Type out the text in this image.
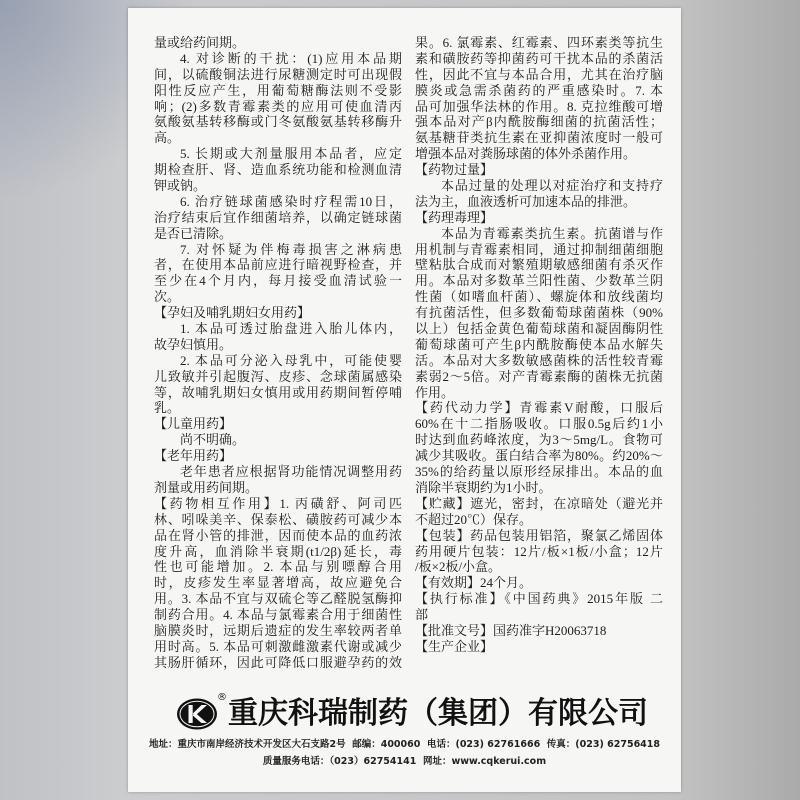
量或给药间期。
4. 对诊断的干扰：(1)应用本品期
间，以硫酸铜法进行尿糖测定时可出现假
阳性反应产生，用葡萄糖酶法则不受影
响；(2)多数青霉素类的应用可使血清丙
氨酸氨基转移酶或门冬氨酸氨基转移酶升
高。
5. 长期或大剂量服用本品者，应定
期检查肝、肾、造血系统功能和检测血清
钾或钠。
6. 治疗链球菌感染时疗程需10日，
治疗结束后宜作细菌培养，以确定链球菌
是否已清除。
7. 对怀疑为伴梅毒损害之淋病患
者，在使用本品前应进行暗视野检查，并
至少在4个月内，每月接受血清试验一
次。
【孕妇及哺乳期妇女用药】
1. 本品可透过胎盘进入胎儿体内，
故孕妇慎用。
2. 本品可分泌入母乳中，可能使婴
儿致敏并引起腹泻、皮疹、念球菌属感染
等，故哺乳期妇女慎用或用药期间暂停哺
乳。
【儿童用药】
尚不明确。
【老年用药】
老年患者应根据肾功能情况调整用药
剂量或用药间期。
【药物相互作用】1. 丙磺舒、阿司匹
林、吲哚美辛、保泰松、磺胺药可减少本
品在肾小管的排泄，因而使本品的血药浓
度升高，血消除半衰期(t1/2β)延长，毒
性也可能增加。2. 本品与别嘌醇合用
时，皮疹发生率显著增高，故应避免合
用。3. 本品不宜与双硫仑等乙醛脱氢酶抑
制药合用。4. 本品与氯霉素合用于细菌性
脑膜炎时，远期后遗症的发生率较两者单
用时高。5. 本品可刺激雌激素代谢或减少
其肠肝循环，因此可降低口服避孕药的效
果。6. 氯霉素、红霉素、四环素类等抗生
素和磺胺药等抑菌药可干扰本品的杀菌活
性，因此不宜与本品合用，尤其在治疗脑
膜炎或急需杀菌药的严重感染时。7. 本
品可加强华法林的作用。8. 克拉维酸可增
强本品对产β内酰胺酶细菌的抗菌活性；
氨基糖苷类抗生素在亚抑菌浓度时一般可
增强本品对粪肠球菌的体外杀菌作用。
【药物过量】
本品过量的处理以对症治疗和支持疗
法为主，血液透析可加速本品的排泄。
【药理毒理】
本品为青霉素类抗生素。抗菌谱与作
用机制与青霉素相同，通过抑制细菌细胞
壁粘肽合成而对繁殖期敏感细菌有杀灭作
用。本品对多数革兰阳性菌、少数革兰阴
性菌（如嗜血杆菌）、螺旋体和放线菌均
有抗菌活性，但多数葡萄球菌菌株（90%
以上）包括金黄色葡萄球菌和凝固酶阴性
葡萄球菌可产生β内酰胺酶使本品水解失
活。本品对大多数敏感菌株的活性较青霉
素弱2～5倍。对产青霉素酶的菌株无抗菌
作用。
【药代动力学】青霉素V耐酸，口服后
60%在十二指肠吸收。口服0.5g后约1小
时达到血药峰浓度，为3～5mg/L。食物可
减少其吸收。蛋白结合率为80%。约20%～
35%的给药量以原形经尿排出。本品的血
消除半衰期约为1小时。
【贮藏】遮光，密封，在凉暗处（避光并
不超过20℃）保存。
【包装】药品包装用铝箔，聚氯乙烯固体
药用硬片包装：12片/板×1板/小盒；12片
/板×2板/小盒。
【有效期】24个月。
【执行标准】《中国药典》2015年版 二
部
【批准文号】国药准字H20063718
【生产企业】
® 重庆科瑞制药（集团）有限公司
地址：重庆市南岸经济技术开发区大石支路2号  邮编：400060  电话：(023) 62761666  传真：(023) 62756418
质量服务电话：（023）62754141  网址：www.cqkerui.com
